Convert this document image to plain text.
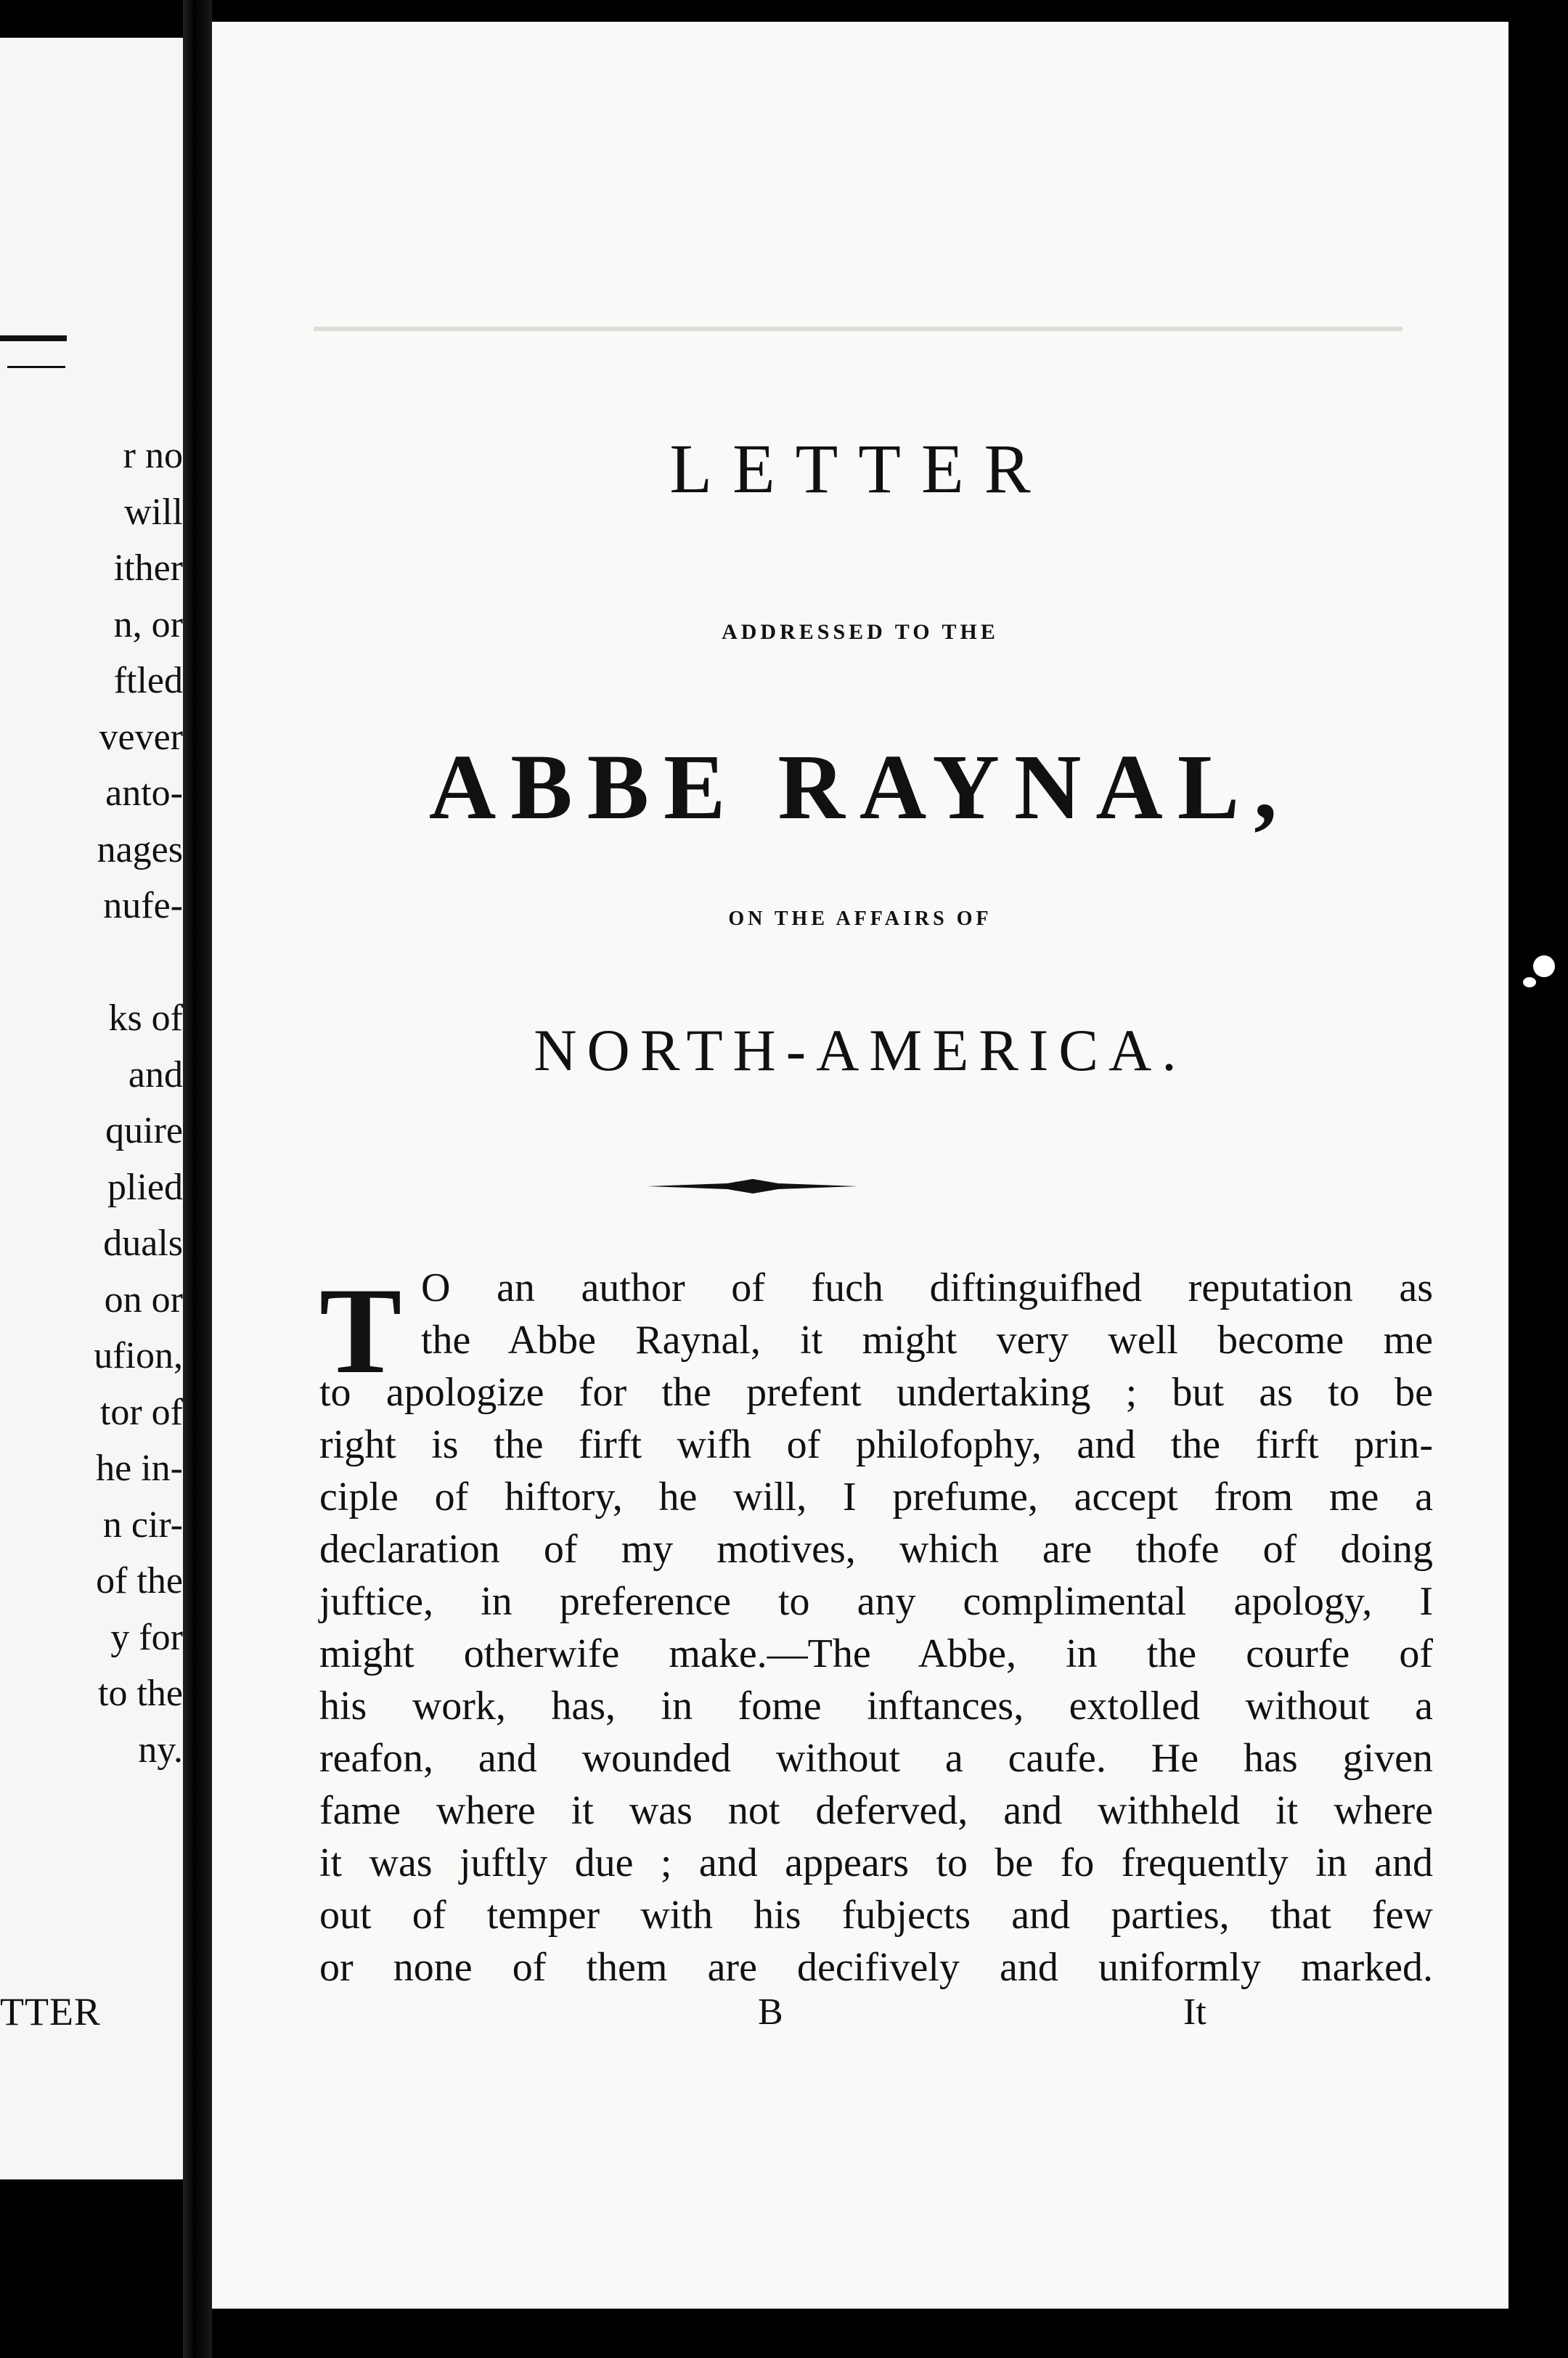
r no
will
ither
n, or
ftled
vever
anto-
nages
nufe-
ks of
and
quire
plied
duals
on or
ufion,
tor of
he in-
n cir-
of the
y for
to the
ny.
TTER
LETTER
ADDRESSED TO THE
ABBE RAYNAL,
ON THE AFFAIRS OF
NORTH-AMERICA.
T O an author of fuch diftinguifhed reputation as
the Abbe Raynal, it might very well become me
to apologize for the prefent undertaking ; but as to be
right is the firft wifh of philofophy, and the firft prin-
ciple of hiftory, he will, I prefume, accept from me a
declaration of my motives, which are thofe of doing
juftice, in preference to any complimental apology, I
might otherwife make.—The Abbe, in the courfe of
his work, has, in fome inftances, extolled without a
reafon, and wounded without a caufe. He has given
fame where it was not deferved, and withheld it where
it was juftly due ; and appears to be fo frequently in and
out of temper with his fubjects and parties, that few
or none of them are decifively and uniformly marked.
B	It
